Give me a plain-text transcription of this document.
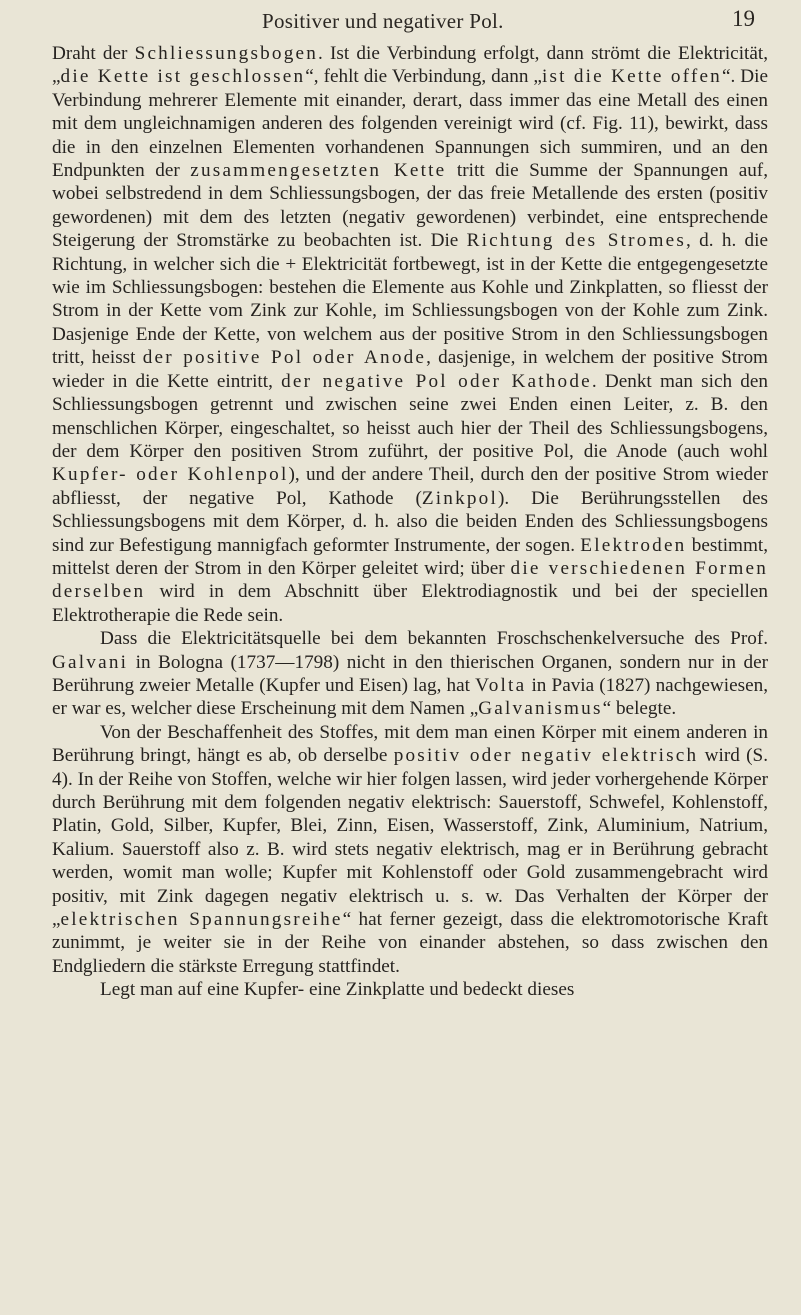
Positiver und negativer Pol.	19

Draht der Schliessungsbogen. Ist die Verbindung erfolgt, dann strömt die Elektricität, „die Kette ist geschlossen“, fehlt die Verbindung, dann „ist die Kette offen“. Die Verbindung mehrerer Elemente mit einander, derart, dass immer das eine Metall des einen mit dem ungleichnamigen anderen des folgenden vereinigt wird (cf. Fig. 11), bewirkt, dass die in den einzelnen Elementen vorhandenen Spannungen sich summiren, und an den Endpunkten der zusammengesetzten Kette tritt die Summe der Spannungen auf, wobei selbstredend in dem Schliessungsbogen, der das freie Metallende des ersten (positiv gewordenen) mit dem des letzten (negativ gewordenen) verbindet, eine entsprechende Steigerung der Stromstärke zu beobachten ist. Die Richtung des Stromes, d. h. die Richtung, in welcher sich die + Elektricität fortbewegt, ist in der Kette die entgegengesetzte wie im Schliessungsbogen: bestehen die Elemente aus Kohle und Zinkplatten, so fliesst der Strom in der Kette vom Zink zur Kohle, im Schliessungsbogen von der Kohle zum Zink. Dasjenige Ende der Kette, von welchem aus der positive Strom in den Schliessungsbogen tritt, heisst der positive Pol oder Anode, dasjenige, in welchem der positive Strom wieder in die Kette eintritt, der negative Pol oder Kathode. Denkt man sich den Schliessungsbogen getrennt und zwischen seine zwei Enden einen Leiter, z. B. den menschlichen Körper, eingeschaltet, so heisst auch hier der Theil des Schliessungsbogens, der dem Körper den positiven Strom zuführt, der positive Pol, die Anode (auch wohl Kupfer- oder Kohlenpol), und der andere Theil, durch den der positive Strom wieder abfliesst, der negative Pol, Kathode (Zinkpol). Die Berührungsstellen des Schliessungsbogens mit dem Körper, d. h. also die beiden Enden des Schliessungsbogens sind zur Befestigung mannigfach geformter Instrumente, der sogen. Elektroden bestimmt, mittelst deren der Strom in den Körper geleitet wird; über die verschiedenen Formen derselben wird in dem Abschnitt über Elektrodiagnostik und bei der speciellen Elektrotherapie die Rede sein.

Dass die Elektricitätsquelle bei dem bekannten Froschschenkelversuche des Prof. Galvani in Bologna (1737—1798) nicht in den thierischen Organen, sondern nur in der Berührung zweier Metalle (Kupfer und Eisen) lag, hat Volta in Pavia (1827) nachgewiesen, er war es, welcher diese Erscheinung mit dem Namen „Galvanismus“ belegte.

Von der Beschaffenheit des Stoffes, mit dem man einen Körper mit einem anderen in Berührung bringt, hängt es ab, ob derselbe positiv oder negativ elektrisch wird (S. 4). In der Reihe von Stoffen, welche wir hier folgen lassen, wird jeder vorhergehende Körper durch Berührung mit dem folgenden negativ elektrisch: Sauerstoff, Schwefel, Kohlenstoff, Platin, Gold, Silber, Kupfer, Blei, Zinn, Eisen, Wasserstoff, Zink, Aluminium, Natrium, Kalium. Sauerstoff also z. B. wird stets negativ elektrisch, mag er in Berührung gebracht werden, womit man wolle; Kupfer mit Kohlenstoff oder Gold zusammengebracht wird positiv, mit Zink dagegen negativ elektrisch u. s. w. Das Verhalten der Körper der „elektrischen Spannungsreihe“ hat ferner gezeigt, dass die elektromotorische Kraft zunimmt, je weiter sie in der Reihe von einander abstehen, so dass zwischen den Endgliedern die stärkste Erregung stattfindet.

Legt man auf eine Kupfer- eine Zinkplatte und bedeckt dieses
